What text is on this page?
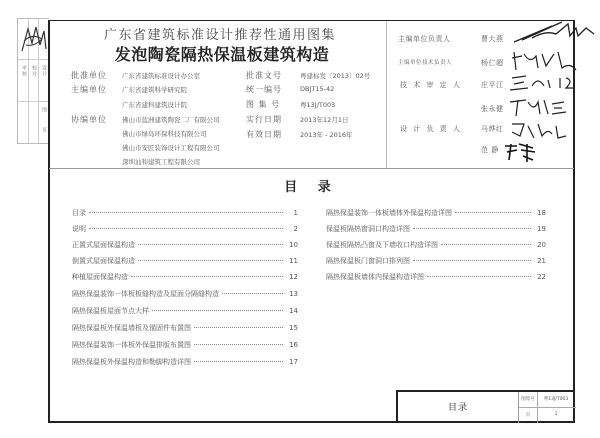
审核 校对 设计
图
页
广东省建筑标准设计推荐性通用图集
发泡陶瓷隔热保温板建筑构造
批准单位 广东省建筑标准设计办公室
主编单位 广东省建筑科学研究院
广东省建科建筑设计院
协编单位 佛山市蓝洲建筑陶瓷二厂有限公司
佛山市绿岛环保科技有限公司
佛山市安匠装饰设计工程有限公司
深圳汕和建筑工程有限公司
批准文号	粤建标发〔2013〕02号
统一编号	DBJT15-42
图 集 号	粤13J/T003
实行日期	2013年12月1日
有效日期	2013年 - 2016年
主编单位负责人	曹大燕
主编单位技术负责人	杨仁超
技 术 审 定 人	庄平江
张永健
设 计 负 责 人	马烨红
范 静
目 录
目录	1
说明	2
正置式屋面保温构造	10
倒置式屋面保温构造	11
种植屋面保温构造	12
隔热保温装饰一体板板缝构造及屋面分隔缝构造	13
隔热保温板屋面节点大样	14
隔热保温板外保温墙板及锚固件布置图	15
隔热保温装饰一体板外保温排版布置图	16
隔热保温板外保温构造和勒脚构造详图	17
隔热保温装饰一体板墙体外保温构造详图	18
保温板隔热窗洞口构造详图	19
保温板隔热凸窗及下墙收口构造详图	20
隔热保温板门窗洞口排列图	21
隔热保温板墙体内保温构造详图	22
目录
图集号	粤13J/T003
页	1
